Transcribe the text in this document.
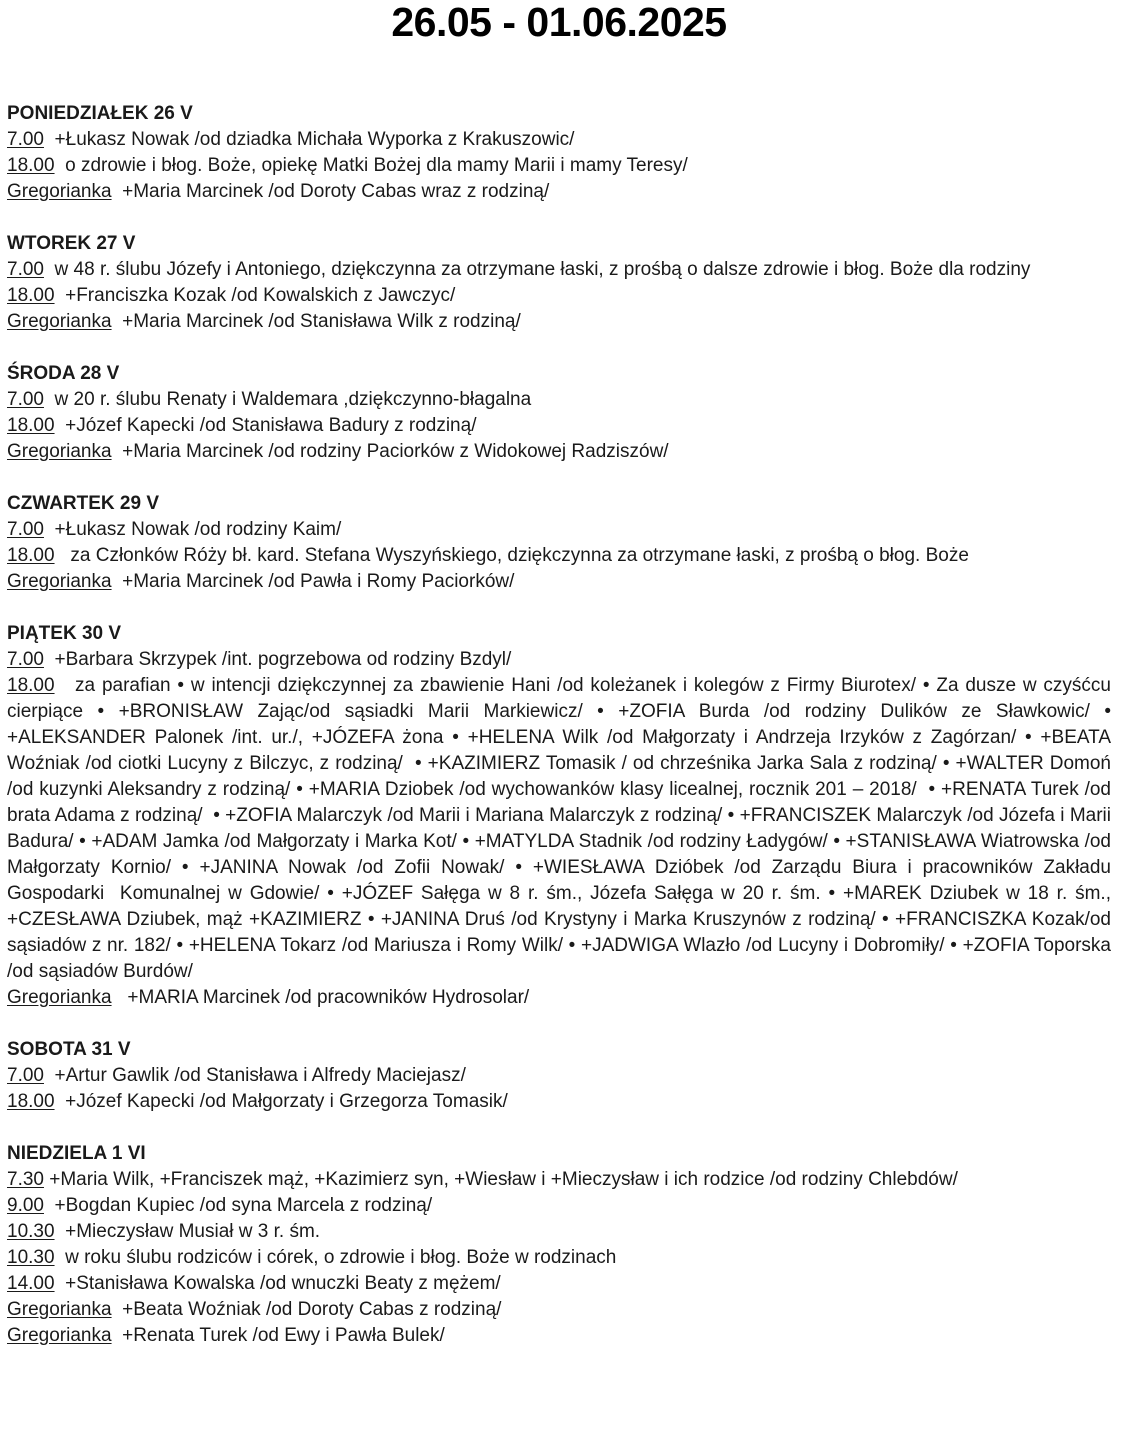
26.05 - 01.06.2025
PONIEDZIAŁEK 26 V

7.00  +Łukasz Nowak /od dziadka Michała Wyporka z Krakuszowic/

18.00  o zdrowie i błog. Boże, opiekę Matki Bożej dla mamy Marii i mamy Teresy/

Gregorianka  +Maria Marcinek /od Doroty Cabas wraz z rodziną/

WTOREK 27 V

7.00  w 48 r. ślubu Józefy i Antoniego, dziękczynna za otrzymane łaski, z prośbą o dalsze zdrowie i błog. Boże dla rodziny

18.00  +Franciszka Kozak /od Kowalskich z Jawczyc/

Gregorianka  +Maria Marcinek /od Stanisława Wilk z rodziną/

ŚRODA 28 V

7.00  w 20 r. ślubu Renaty i Waldemara ,dziękczynno-błagalna

18.00  +Józef Kapecki /od Stanisława Badury z rodziną/

Gregorianka  +Maria Marcinek /od rodziny Paciorków z Widokowej Radziszów/

CZWARTEK 29 V

7.00  +Łukasz Nowak /od rodziny Kaim/

18.00   za Członków Róży bł. kard. Stefana Wyszyńskiego, dziękczynna za otrzymane łaski, z prośbą o błog. Boże

Gregorianka  +Maria Marcinek /od Pawła i Romy Paciorków/

PIĄTEK 30 V

7.00  +Barbara Skrzypek /int. pogrzebowa od rodziny Bzdyl/

18.00   za parafian • w intencji dziękczynnej za zbawienie Hani /od koleżanek i kolegów z Firmy Biurotex/ • Za dusze w czyśćcu cierpiące • +BRONISŁAW Zając/od sąsiadki Marii Markiewicz/ • +ZOFIA Burda /od rodziny Dulików ze Sławkowic/ • +ALEKSANDER Palonek /int. ur./, +JÓZEFA żona • +HELENA Wilk /od Małgorzaty i Andrzeja Irzyków z Zagórzan/ • +BEATA Woźniak /od ciotki Lucyny z Bilczyc, z rodziną/  • +KAZIMIERZ Tomasik / od chrześnika Jarka Sala z rodziną/ • +WALTER Domoń /od kuzynki Aleksandry z rodziną/ • +MARIA Dziobek /od wychowanków klasy licealnej, rocznik 201 – 2018/  • +RENATA Turek /od brata Adama z rodziną/  • +ZOFIA Malarczyk /od Marii i Mariana Malarczyk z rodziną/ • +FRANCISZEK Malarczyk /od Józefa i Marii Badura/ • +ADAM Jamka /od Małgorzaty i Marka Kot/ • +MATYLDA Stadnik /od rodziny Ładygów/ • +STANISŁAWA Wiatrowska /od Małgorzaty Kornio/ • +JANINA Nowak /od Zofii Nowak/ • +WIESŁAWA Dzióbek /od Zarządu Biura i pracowników Zakładu Gospodarki  Komunalnej w Gdowie/ • +JÓZEF Sałęga w 8 r. śm., Józefa Sałęga w 20 r. śm. • +MAREK Dziubek w 18 r. śm., +CZESŁAWA Dziubek, mąż +KAZIMIERZ • +JANINA Druś /od Krystyny i Marka Kruszynów z rodziną/ • +FRANCISZKA Kozak/od sąsiadów z nr. 182/ • +HELENA Tokarz /od Mariusza i Romy Wilk/ • +JADWIGA Wlazło /od Lucyny i Dobromiły/ • +ZOFIA Toporska /od sąsiadów Burdów/

Gregorianka   +MARIA Marcinek /od pracowników Hydrosolar/

SOBOTA 31 V

7.00  +Artur Gawlik /od Stanisława i Alfredy Maciejasz/

18.00  +Józef Kapecki /od Małgorzaty i Grzegorza Tomasik/

NIEDZIELA 1 VI

7.30 +Maria Wilk, +Franciszek mąż, +Kazimierz syn, +Wiesław i +Mieczysław i ich rodzice /od rodziny Chlebdów/

9.00  +Bogdan Kupiec /od syna Marcela z rodziną/

10.30  +Mieczysław Musiał w 3 r. śm.

10.30  w roku ślubu rodziców i córek, o zdrowie i błog. Boże w rodzinach

14.00  +Stanisława Kowalska /od wnuczki Beaty z mężem/

Gregorianka  +Beata Woźniak /od Doroty Cabas z rodziną/

Gregorianka  +Renata Turek /od Ewy i Pawła Bulek/
